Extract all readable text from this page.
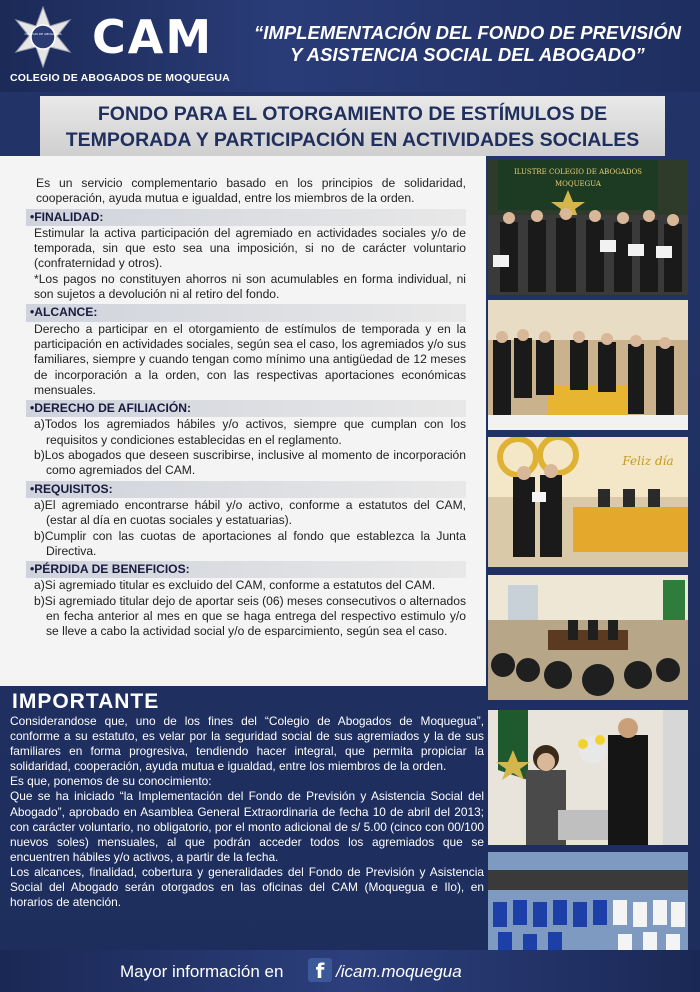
COLEGIO DE ABOGADOS CAM
COLEGIO DE ABOGADOS DE MOQUEGUA
“IMPLEMENTACIÓN DEL FONDO DE PREVISIÓN
Y ASISTENCIA SOCIAL DEL ABOGADO”
FONDO PARA EL OTORGAMIENTO DE ESTÍMULOS DE
TEMPORADA Y PARTICIPACIÓN EN ACTIVIDADES SOCIALES

Es un servicio complementario basado en los principios de solidaridad, cooperación, ayuda mutua e igualdad, entre los miembros de la orden.

•FINALIDAD:

Estimular la activa participación del agremiado en actividades sociales y/o de temporada, sin que esto sea una imposición, si no de carácter voluntario (confraternidad y otros).

*Los pagos no constituyen ahorros ni son acumulables en forma individual, ni son sujetos a devolución ni al retiro del fondo.

•ALCANCE:

Derecho a participar en el otorgamiento de estímulos de temporada y en la participación en actividades sociales, según sea el caso, los agremiados y/o sus familiares, siempre y cuando tengan como mínimo una antigüedad de 12 meses de incorporación a la orden, con las respectivas aportaciones económicas mensuales.

•DERECHO DE AFILIACIÓN:

a)Todos los agremiados hábiles y/o activos, siempre que cumplan con los requisitos y condiciones establecidas en el reglamento.

b)Los abogados que deseen suscribirse, inclusive al momento de incorporación como agremiados del CAM.

•REQUISITOS:

a)El agremiado encontrarse hábil y/o activo, conforme a estatutos del CAM, (estar al día en cuotas sociales y estatuarias).

b)Cumplir con las cuotas de aportaciones al fondo que establezca la Junta Directiva.

•PÉRDIDA DE BENEFICIOS:

a)Si agremiado titular es excluido del CAM, conforme a estatutos del CAM.

b)Si agremiado titular dejo de aportar seis (06) meses consecutivos o alternados en fecha anterior al mes en que se haga entrega del respectivo estimulo y/o se lleve a cabo la actividad social y/o de esparcimiento, según sea el caso.

ILUSTRE COLEGIO DE ABOGADOS
MOQUEGUA
Feliz día
IMPORTANTE

Considerandose que, uno de los fines del “Colegio de Abogados de Moquegua”, conforme a su estatuto, es velar por la seguridad social de sus agremiados y la de sus familiares en forma progresiva, tendiendo hacer integral, que permita propiciar la solidaridad, cooperación, ayuda mutua e igualdad, entre los miembros de la orden.

Es que, ponemos de su conocimiento:

Que se ha iniciado “la Implementación del Fondo de Previsión y Asistencia Social del Abogado”, aprobado en Asamblea General Extraordinaria de fecha 10 de abril del 2013; con carácter voluntario, no obligatorio, por el monto adicional de s/ 5.00 (cinco con 00/100 nuevos soles) mensuales, al que podrán acceder todos los agremiados que se encuentren hábiles y/o activos, a partir de la fecha.

Los alcances, finalidad, cobertura y generalidades del Fondo de Previsión y Asistencia Social del Abogado serán otorgados en las oficinas del CAM (Moquegua e Ilo), en horarios de atención.

Mayor información en	f /icam.moquegua
